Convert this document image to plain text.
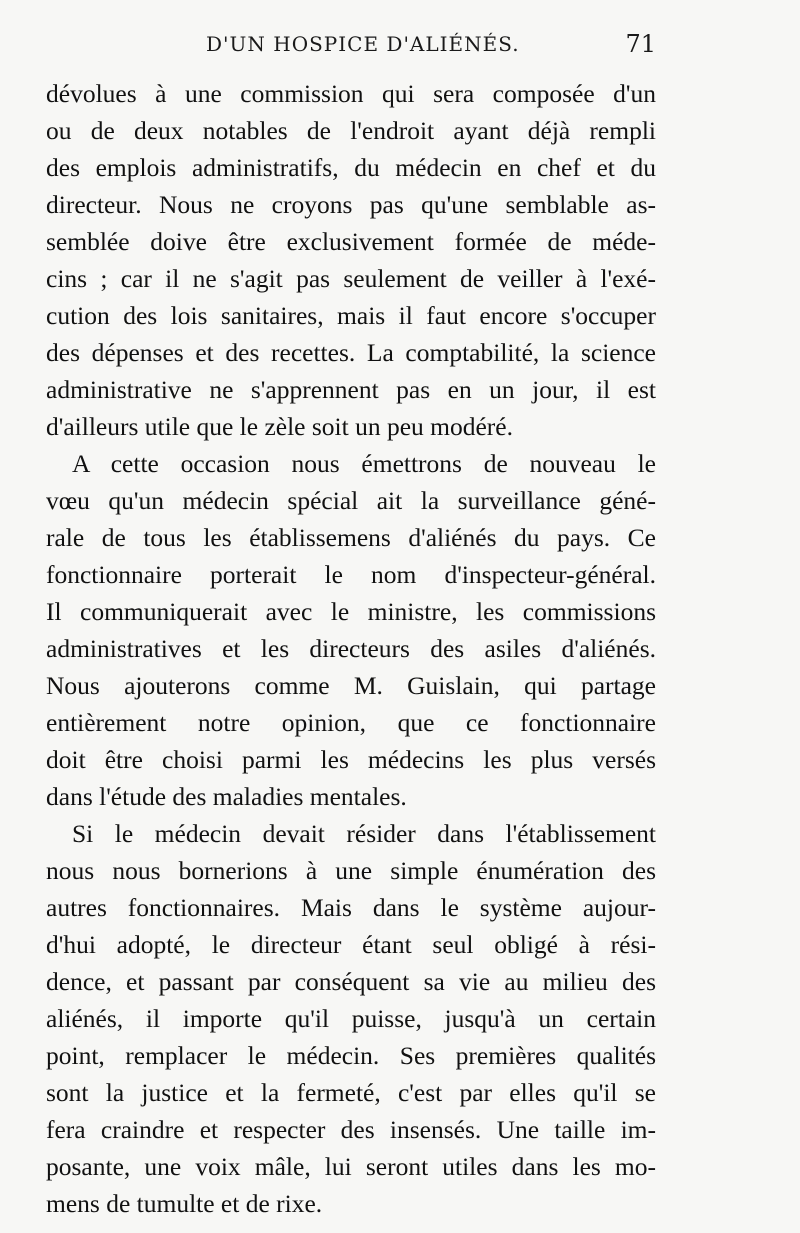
D'UN HOSPICE D'ALIÉNÉS.	71
dévolues à une commission qui sera composée d'un
ou de deux notables de l'endroit ayant déjà rempli
des emplois administratifs, du médecin en chef et du
directeur. Nous ne croyons pas qu'une semblable as-
semblée doive être exclusivement formée de méde-
cins ; car il ne s'agit pas seulement de veiller à l'exé-
cution des lois sanitaires, mais il faut encore s'occuper
des dépenses et des recettes. La comptabilité, la science
administrative ne s'apprennent pas en un jour, il est
d'ailleurs utile que le zèle soit un peu modéré.
A cette occasion nous émettrons de nouveau le
vœu qu'un médecin spécial ait la surveillance géné-
rale de tous les établissemens d'aliénés du pays. Ce
fonctionnaire porterait le nom d'inspecteur-général.
Il communiquerait avec le ministre, les commissions
administratives et les directeurs des asiles d'aliénés.
Nous ajouterons comme M. Guislain, qui partage
entièrement notre opinion, que ce fonctionnaire
doit être choisi parmi les médecins les plus versés
dans l'étude des maladies mentales.
Si le médecin devait résider dans l'établissement
nous nous bornerions à une simple énumération des
autres fonctionnaires. Mais dans le système aujour-
d'hui adopté, le directeur étant seul obligé à rési-
dence, et passant par conséquent sa vie au milieu des
aliénés, il importe qu'il puisse, jusqu'à un certain
point, remplacer le médecin. Ses premières qualités
sont la justice et la fermeté, c'est par elles qu'il se
fera craindre et respecter des insensés. Une taille im-
posante, une voix mâle, lui seront utiles dans les mo-
mens de tumulte et de rixe.
